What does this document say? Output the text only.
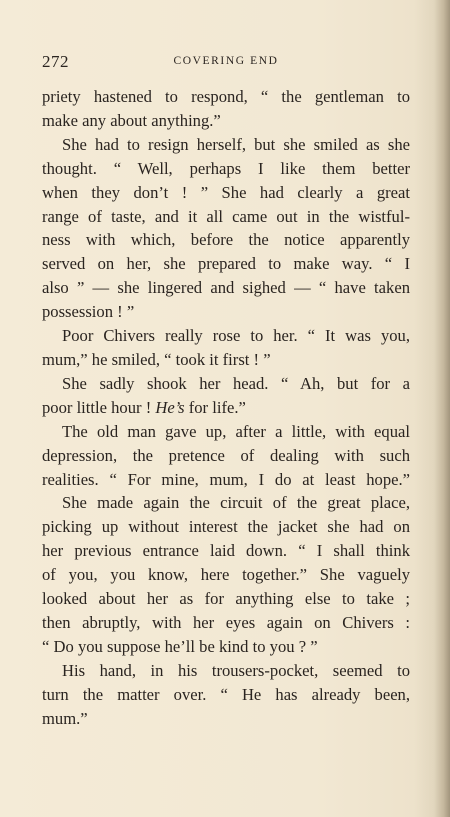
272	COVERING END
priety hastened to respond, “ the gentleman to
make any about anything.”
She had to resign herself, but she smiled as she
thought. “ Well, perhaps I like them better
when they don’t ! ” She had clearly a great
range of taste, and it all came out in the wistful-
ness with which, before the notice apparently
served on her, she prepared to make way. “ I
also ” — she lingered and sighed — “ have taken
possession ! ”
Poor Chivers really rose to her. “ It was you,
mum,” he smiled, “ took it first ! ”
She sadly shook her head. “ Ah, but for a
poor little hour ! He’s for life.”
The old man gave up, after a little, with equal
depression, the pretence of dealing with such
realities. “ For mine, mum, I do at least hope.”
She made again the circuit of the great place,
picking up without interest the jacket she had on
her previous entrance laid down. “ I shall think
of you, you know, here together.” She vaguely
looked about her as for anything else to take ;
then abruptly, with her eyes again on Chivers :
“ Do you suppose he’ll be kind to you ? ”
His hand, in his trousers-pocket, seemed to
turn the matter over. “ He has already been,
mum.”
